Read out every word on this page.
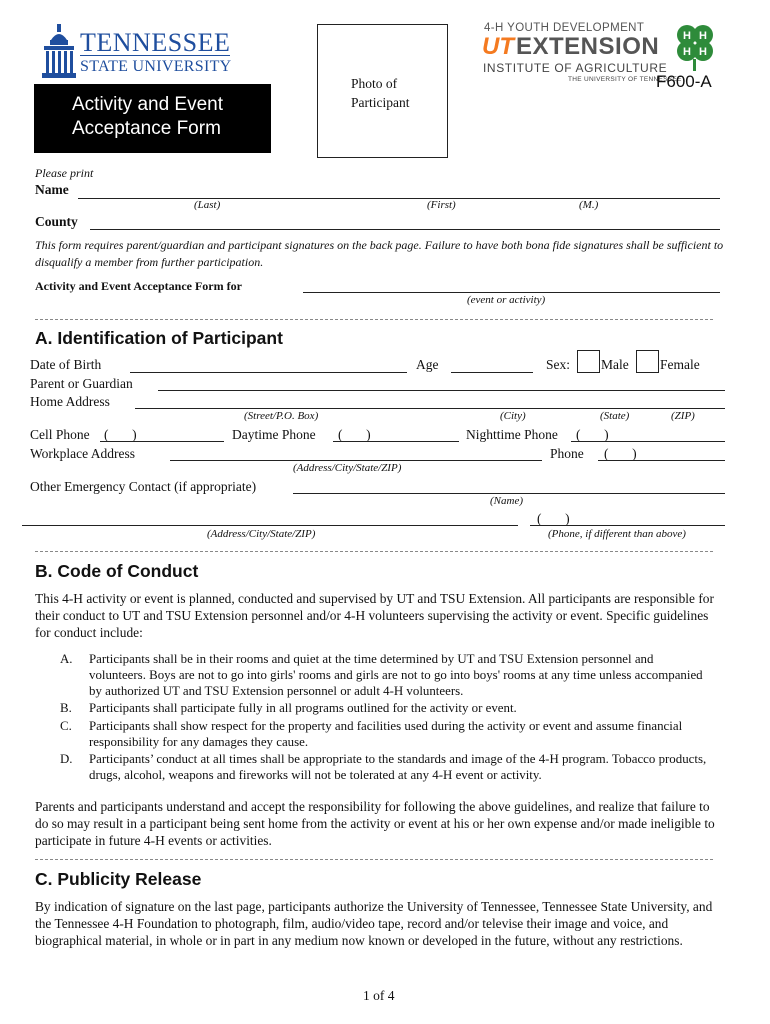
TENNESSEE
STATE UNIVERSITY
Activity and Event
Acceptance Form
Photo of
Participant
4-H YOUTH DEVELOPMENT
UT EXTENSION
INSTITUTE OF AGRICULTURE
THE UNIVERSITY OF TENNESSEE
F600-A
H H
H H
Please print
Name
(Last)	(First)	(M.)
County
This form requires parent/guardian and participant signatures on the back page. Failure to have both bona fide signatures shall be sufficient to disqualify a member from further participation.
Activity and Event Acceptance Form for
(event or activity)
A. Identification of Participant
Date of Birth	Age	Sex: Male Female
Parent or Guardian
Home Address
(Street/P.O. Box)	(City)	(State)	(ZIP)
Cell Phone (       )	Daytime Phone (       )	Nighttime Phone (       )
Workplace Address	Phone (       )
(Address/City/State/ZIP)
Other Emergency Contact (if appropriate)
(Name)
(       )
(Address/City/State/ZIP)	(Phone, if different than above)
B. Code of Conduct
This 4-H activity or event is planned, conducted and supervised by UT and TSU Extension. All participants are responsible for their conduct to UT and TSU Extension personnel and/or 4-H volunteers supervising the activity or event. Specific guidelines for conduct include:
A. Participants shall be in their rooms and quiet at the time determined by UT and TSU Extension personnel and volunteers. Boys are not to go into girls' rooms and girls are not to go into boys' rooms at any time unless accompanied by authorized UT and TSU Extension personnel or adult 4-H volunteers.
B. Participants shall participate fully in all programs outlined for the activity or event.
C. Participants shall show respect for the property and facilities used during the activity or event and assume financial responsibility for any damages they cause.
D. Participants’ conduct at all times shall be appropriate to the standards and image of the 4-H program. Tobacco products, drugs, alcohol, weapons and fireworks will not be tolerated at any 4-H event or activity.
Parents and participants understand and accept the responsibility for following the above guidelines, and realize that failure to do so may result in a participant being sent home from the activity or event at his or her own expense and/or made ineligible to participate in future 4-H events or activities.
C. Publicity Release
By indication of signature on the last page, participants authorize the University of Tennessee, Tennessee State University, and the Tennessee 4-H Foundation to photograph, film, audio/video tape, record and/or televise their image and voice, and biographical material, in whole or in part in any medium now known or developed in the future, without any restrictions.
1 of 4
